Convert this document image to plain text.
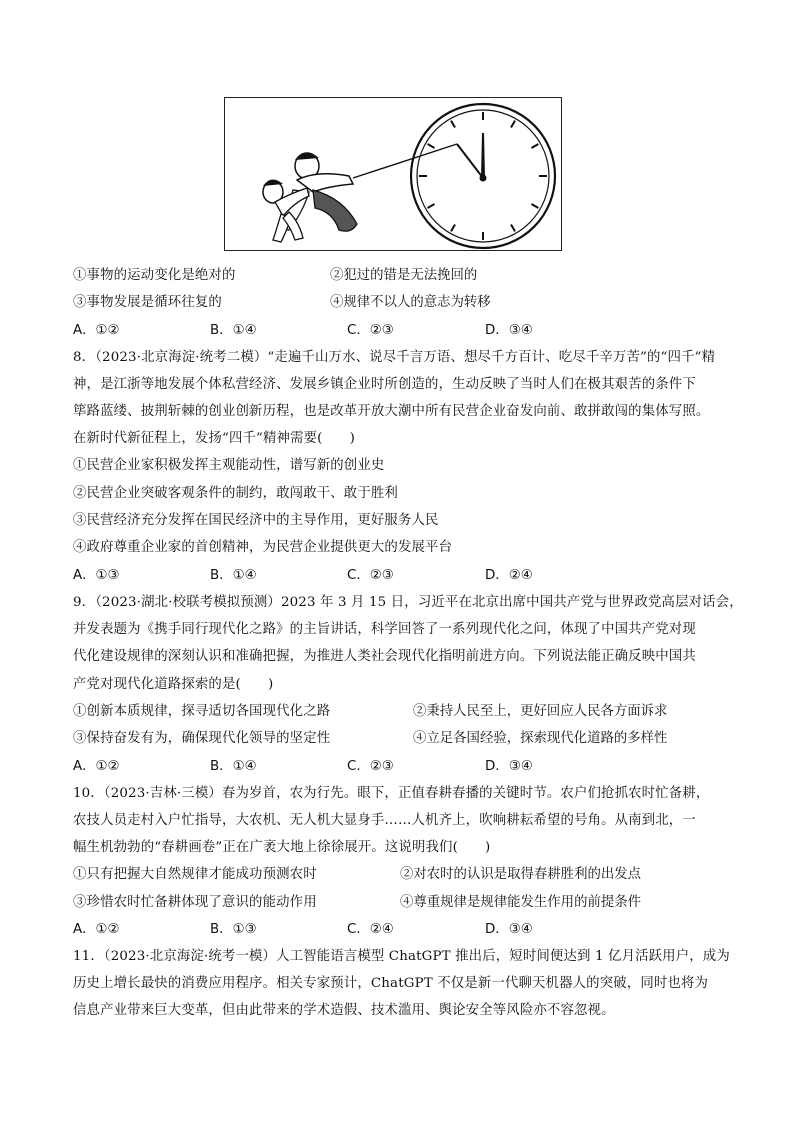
①事物的运动变化是绝对的	②犯过的错是无法挽回的
③事物发展是循环往复的	④规律不以人的意志为转移
A．①②	B．①④	C．②③	D．③④
8．（2023·北京海淀·统考二模）“走遍千山万水、说尽千言万语、想尽千方百计、吃尽千辛万苦”的“四千”精
神，是江浙等地发展个体私营经济、发展乡镇企业时所创造的，生动反映了当时人们在极其艰苦的条件下
筚路蓝缕、披荆斩棘的创业创新历程，也是改革开放大潮中所有民营企业奋发向前、敢拼敢闯的集体写照。
在新时代新征程上，发扬“四千”精神需要(　　)
①民营企业家积极发挥主观能动性，谱写新的创业史
②民营企业突破客观条件的制约，敢闯敢干、敢于胜利
③民营经济充分发挥在国民经济中的主导作用，更好服务人民
④政府尊重企业家的首创精神，为民营企业提供更大的发展平台
A．①③	B．①④	C．②③	D．②④
9．（2023·湖北·校联考模拟预测）2023 年 3 月 15 日，习近平在北京出席中国共产党与世界政党高层对话会，
并发表题为《携手同行现代化之路》的主旨讲话，科学回答了一系列现代化之问，体现了中国共产党对现
代化建设规律的深刻认识和准确把握，为推进人类社会现代化指明前进方向。下列说法能正确反映中国共
产党对现代化道路探索的是(　　)
①创新本质规律，探寻适切各国现代化之路	②秉持人民至上，更好回应人民各方面诉求
③保持奋发有为，确保现代化领导的坚定性	④立足各国经验，探索现代化道路的多样性
A．①②	B．①④	C．②③	D．③④
10．（2023·吉林·三模）春为岁首，农为行先。眼下，正值春耕春播的关键时节。农户们抢抓农时忙备耕，
农技人员走村入户忙指导，大农机、无人机大显身手……人机齐上，吹响耕耘希望的号角。从南到北，一
幅生机勃勃的“春耕画卷”正在广袤大地上徐徐展开。这说明我们(　　)
①只有把握大自然规律才能成功预测农时	②对农时的认识是取得春耕胜利的出发点
③珍惜农时忙备耕体现了意识的能动作用	④尊重规律是规律能发生作用的前提条件
A．①②	B．①③	C．②④	D．③④
11．（2023·北京海淀·统考一模）人工智能语言模型 ChatGPT 推出后，短时间便达到 1 亿月活跃用户，成为
历史上增长最快的消费应用程序。相关专家预计，ChatGPT 不仅是新一代聊天机器人的突破，同时也将为
信息产业带来巨大变革，但由此带来的学术造假、技术滥用、舆论安全等风险亦不容忽视。
